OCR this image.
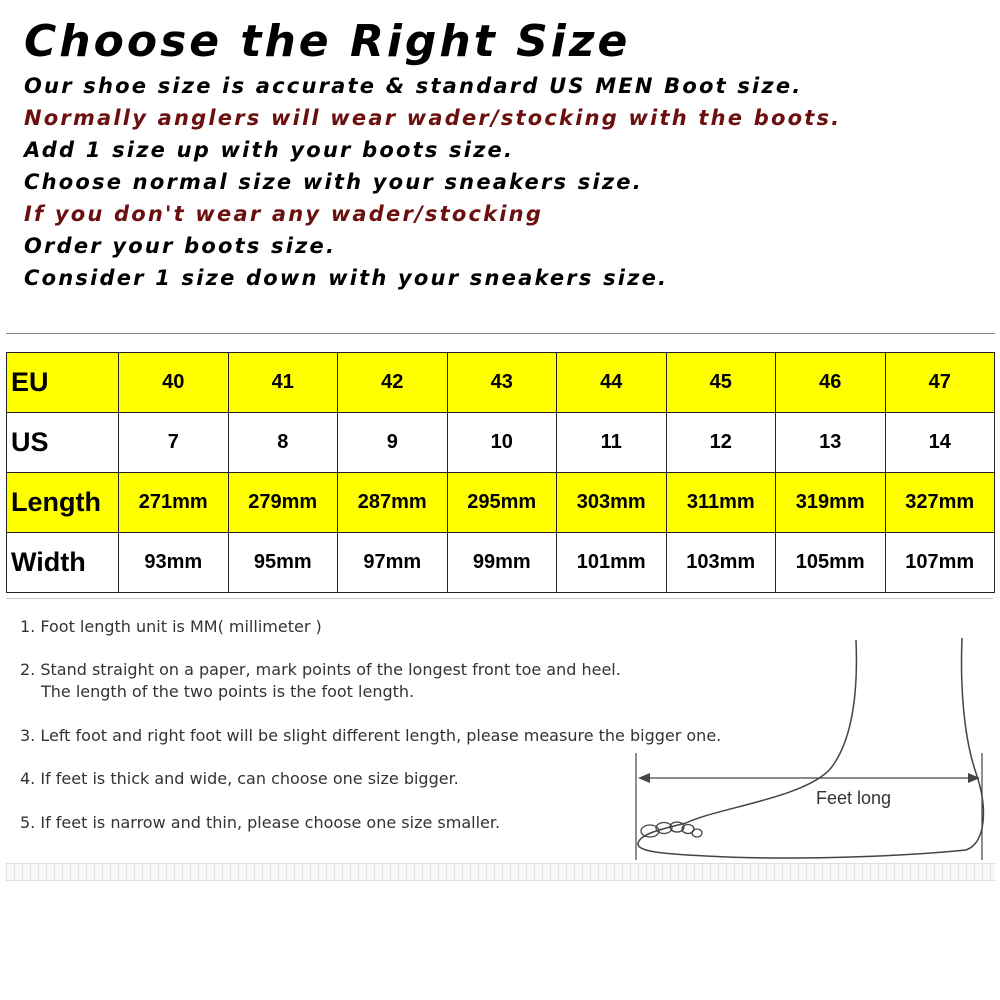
Choose the Right Size
Our shoe size is accurate & standard US MEN Boot size.
Normally anglers will wear wader/stocking with the boots.
Add 1 size up with your boots size.
Choose normal size with your sneakers size.
If you don't wear any wader/stocking
Order your boots size.
Consider 1 size down with your sneakers size.
EU	40	41	42	43	44	45	46	47
US	7	8	9	10	11	12	13	14
Length	271mm	279mm	287mm	295mm	303mm	311mm	319mm	327mm
Width	93mm	95mm	97mm	99mm	101mm	103mm	105mm	107mm
1. Foot length unit is MM( millimeter )
2. Stand straight on a paper, mark points of the longest front toe and heel.
The length of the two points is the foot length.
3. Left foot and right foot will be slight different length, please measure the bigger one.
4. If feet is thick and wide, can choose one size bigger.
5. If feet is narrow and thin, please choose one size smaller.
Feet long
